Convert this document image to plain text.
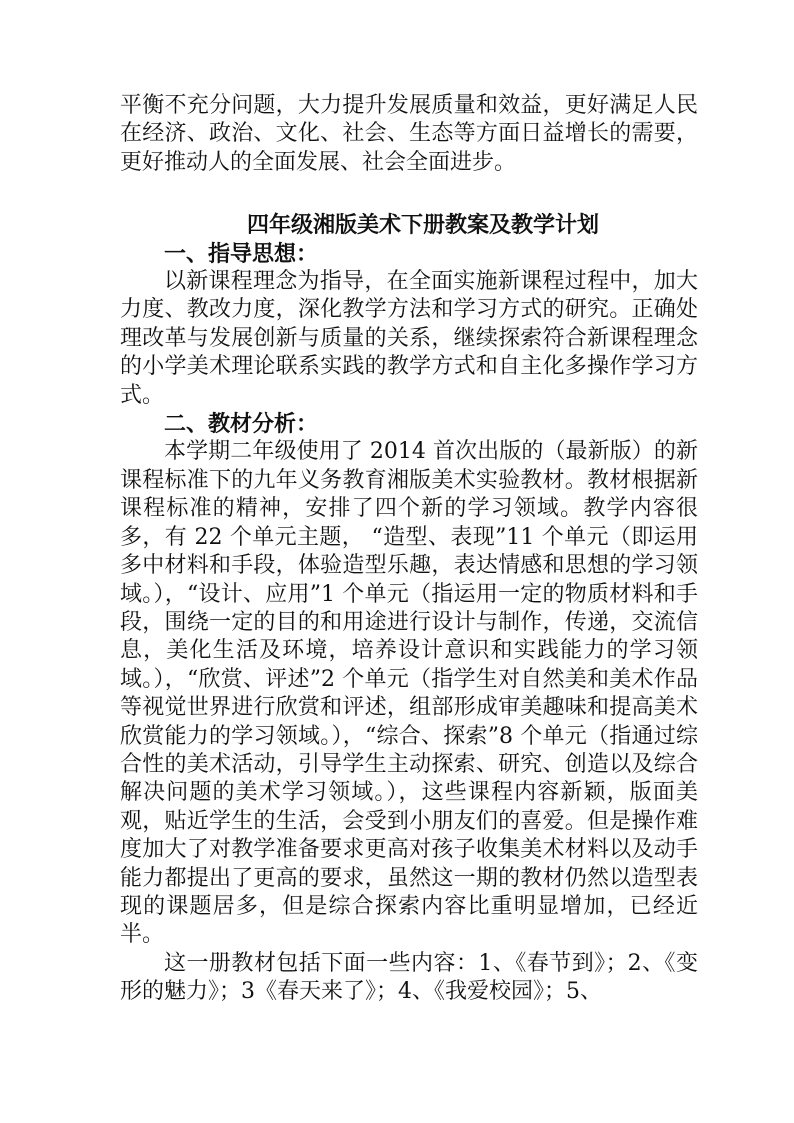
平衡不充分问题，大力提升发展质量和效益，更好满足人民在经济、政治、文化、社会、生态等方面日益增长的需要，更好推动人的全面发展、社会全面进步。

四年级湘版美术下册教案及教学计划

一、指导思想：

以新课程理念为指导，在全面实施新课程过程中，加大力度、教改力度，深化教学方法和学习方式的研究。正确处理改革与发展创新与质量的关系，继续探索符合新课程理念的小学美术理论联系实践的教学方式和自主化多操作学习方式。

二、教材分析：

本学期二年级使用了 2014 首次出版的（最新版）的新课程标准下的九年义务教育湘版美术实验教材。教材根据新课程标准的精神，安排了四个新的学习领域。教学内容很多，有 22 个单元主题， “造型、表现”11 个单元（即运用多中材料和手段，体验造型乐趣，表达情感和思想的学习领域。），“设计、应用”1 个单元（指运用一定的物质材料和手段，围绕一定的目的和用途进行设计与制作，传递，交流信息，美化生活及环境，培养设计意识和实践能力的学习领域。），“欣赏、评述”2 个单元（指学生对自然美和美术作品等视觉世界进行欣赏和评述，组部形成审美趣味和提高美术欣赏能力的学习领域。），“综合、探索”8 个单元（指通过综合性的美术活动，引导学生主动探索、研究、创造以及综合解决问题的美术学习领域。），这些课程内容新颖，版面美观，贴近学生的生活，会受到小朋友们的喜爱。但是操作难度加大了对教学准备要求更高对孩子收集美术材料以及动手能力都提出了更高的要求，虽然这一期的教材仍然以造型表现的课题居多，但是综合探索内容比重明显增加，已经近半。

这一册教材包括下面一些内容：1、《春节到》；2、《变形的魅力》；3《春天来了》；4、《我爱校园》；5、
